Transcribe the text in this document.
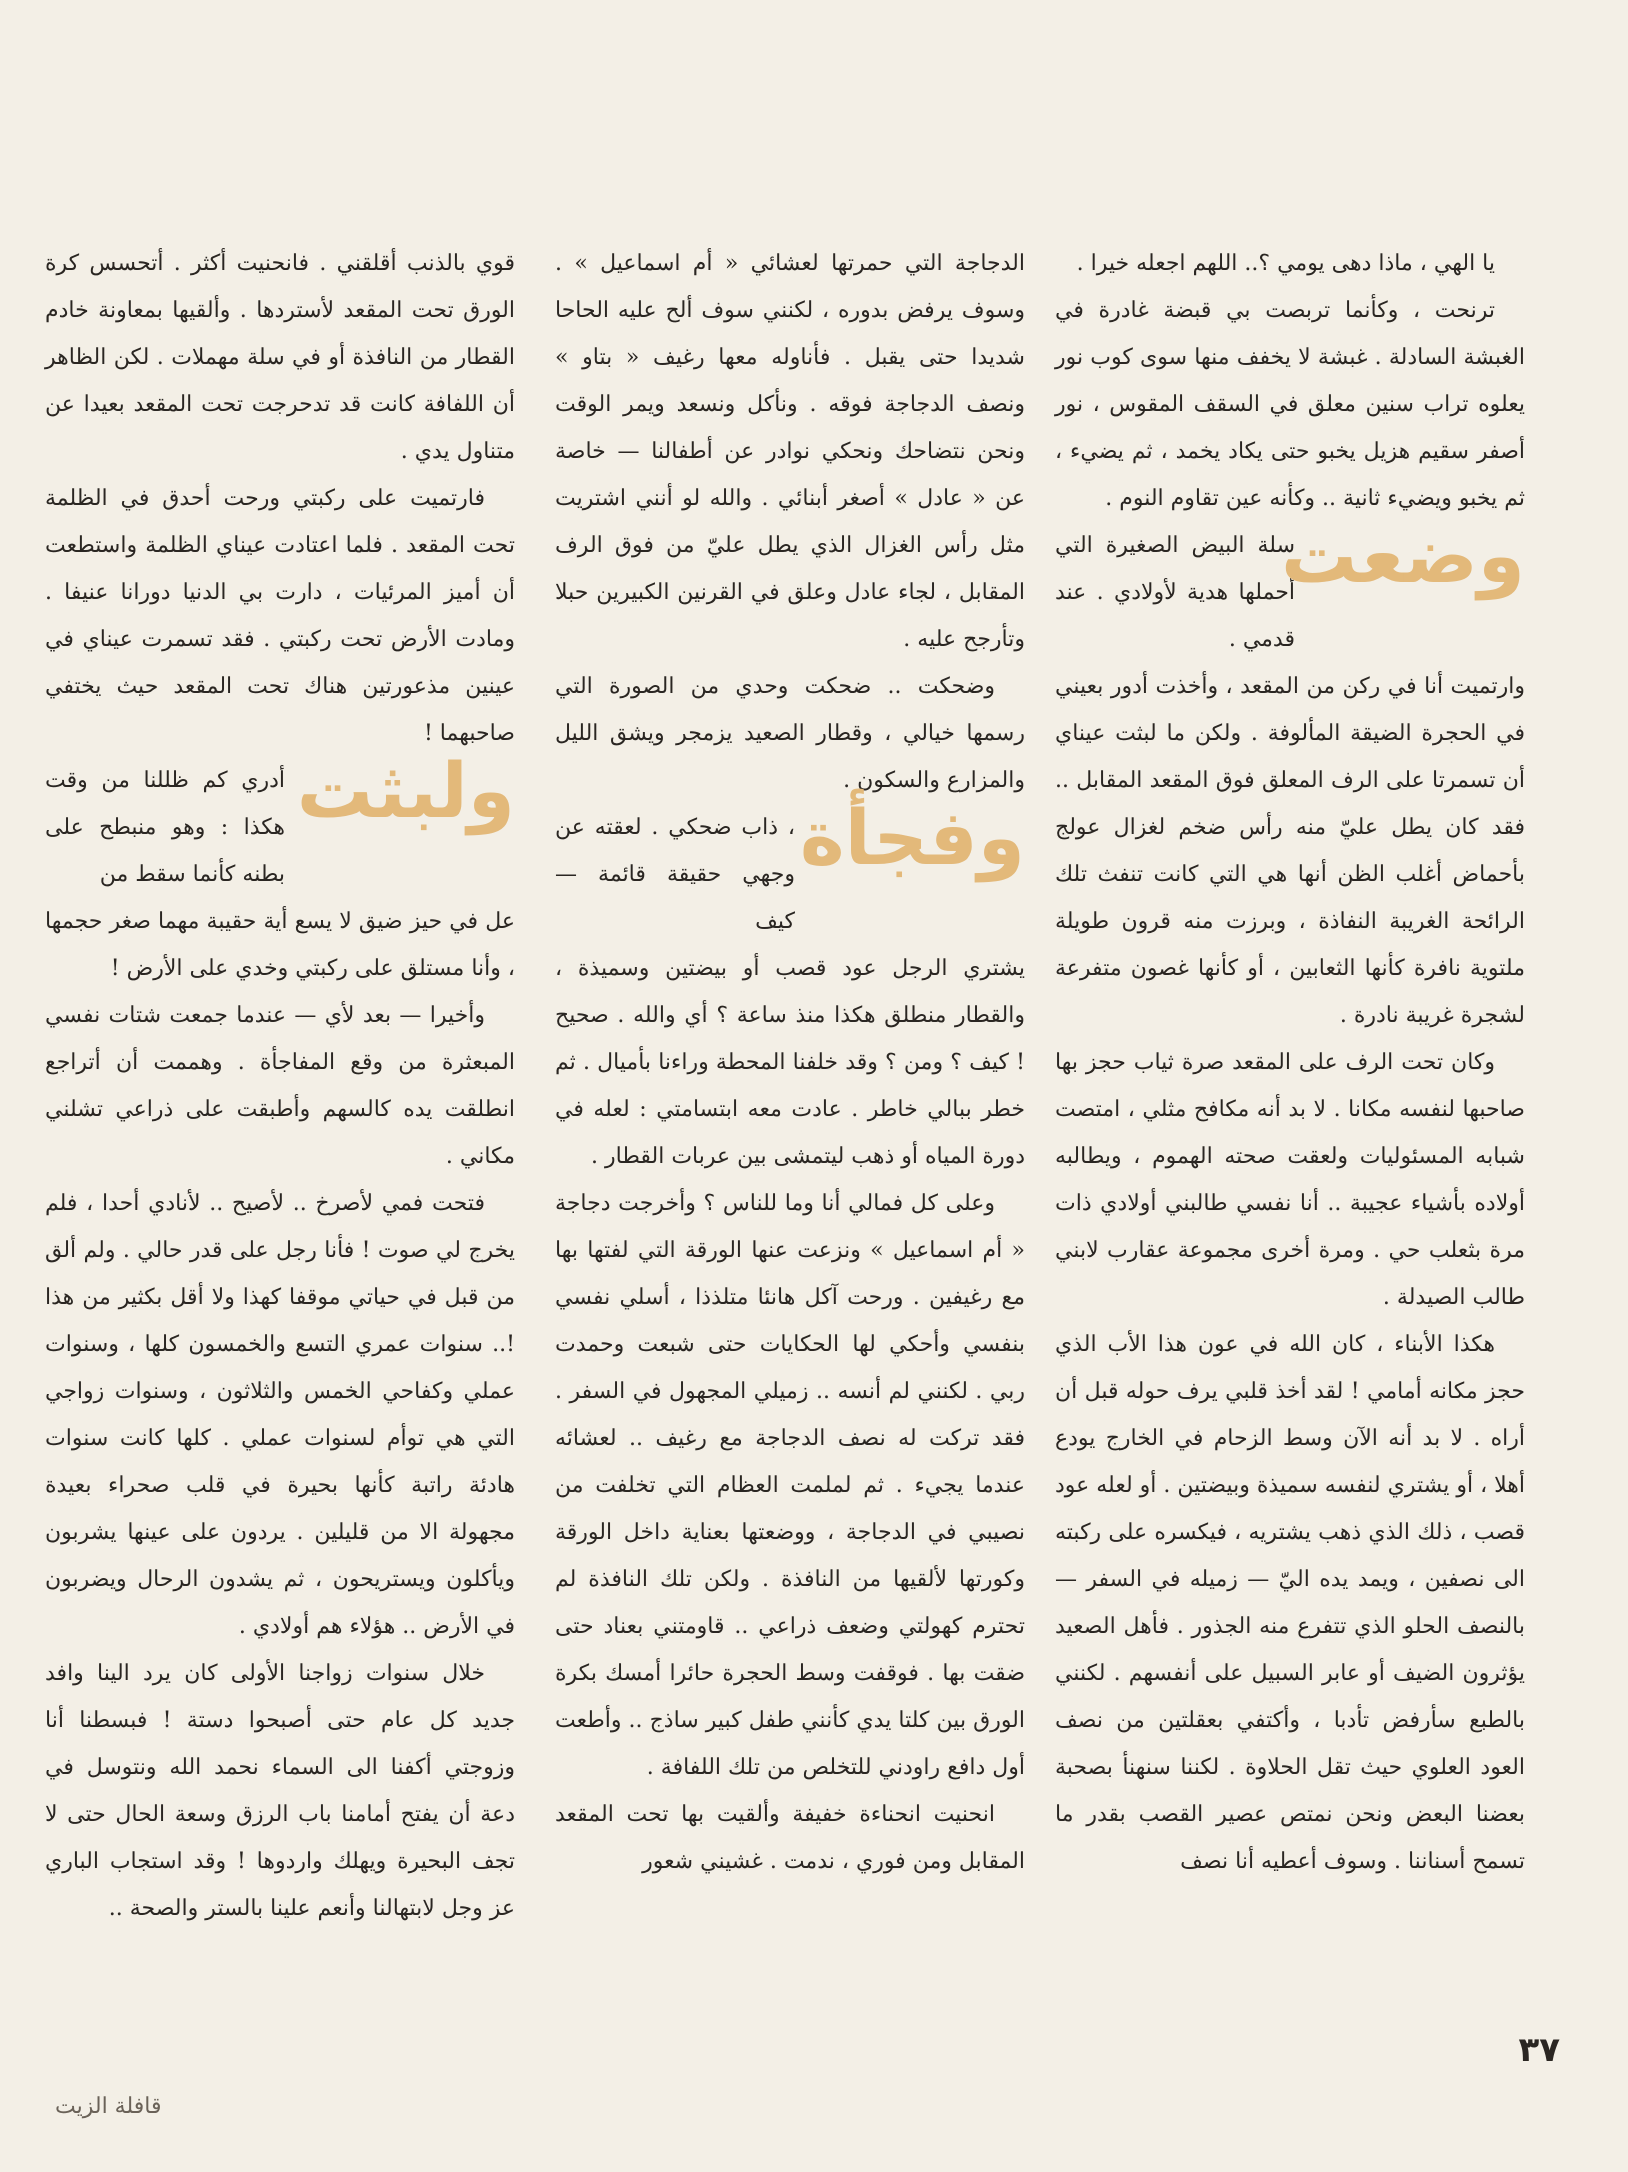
يا الهي ، ماذا دهى يومي ؟.. اللهم اجعله خيرا .

ترنحت ، وكأنما تربصت بي قبضة غادرة في الغبشة السادلة . غبشة لا يخفف منها سوى كوب نور يعلوه تراب سنين معلق في السقف المقوس ، نور أصفر سقيم هزيل يخبو حتى يكاد يخمد ، ثم يضيء ، ثم يخبو ويضيء ثانية .. وكأنه عين تقاوم النوم .

وضعت

سلة البيض الصغيرة التي أحملها هدية لأولادي . عند قدمي .

وارتميت أنا في ركن من المقعد ، وأخذت أدور بعيني في الحجرة الضيقة المألوفة . ولكن ما لبثت عيناي أن تسمرتا على الرف المعلق فوق المقعد المقابل .. فقد كان يطل عليّ منه رأس ضخم لغزال عولج بأحماض أغلب الظن أنها هي التي كانت تنفث تلك الرائحة الغريبة النفاذة ، وبرزت منه قرون طويلة ملتوية نافرة كأنها الثعابين ، أو كأنها غصون متفرعة لشجرة غريبة نادرة .

وكان تحت الرف على المقعد صرة ثياب حجز بها صاحبها لنفسه مكانا . لا بد أنه مكافح مثلي ، امتصت شبابه المسئوليات ولعقت صحته الهموم ، ويطالبه أولاده بأشياء عجيبة .. أنا نفسي طالبني أولادي ذات مرة بثعلب حي . ومرة أخرى مجموعة عقارب لابني طالب الصيدلة .

هكذا الأبناء ، كان الله في عون هذا الأب الذي حجز مكانه أمامي ! لقد أخذ قلبي يرف حوله قبل أن أراه . لا بد أنه الآن وسط الزحام في الخارج يودع أهلا ، أو يشتري لنفسه سميذة وبيضتين . أو لعله عود قصب ، ذلك الذي ذهب يشتريه ، فيكسره على ركبته الى نصفين ، ويمد يده اليّ — زميله في السفر — بالنصف الحلو الذي تتفرع منه الجذور . فأهل الصعيد يؤثرون الضيف أو عابر السبيل على أنفسهم . لكنني بالطبع سأرفض تأدبا ، وأكتفي بعقلتين من نصف العود العلوي حيث تقل الحلاوة . لكننا سنهنأ بصحبة بعضنا البعض ونحن نمتص عصير القصب بقدر ما تسمح أسناننا . وسوف أعطيه أنا نصف

الدجاجة التي حمرتها لعشائي « أم اسماعيل » . وسوف يرفض بدوره ، لكنني سوف ألح عليه الحاحا شديدا حتى يقبل . فأناوله معها رغيف « بتاو » ونصف الدجاجة فوقه . ونأكل ونسعد ويمر الوقت ونحن نتضاحك ونحكي نوادر عن أطفالنا — خاصة عن « عادل » أصغر أبنائي . والله لو أنني اشتريت مثل رأس الغزال الذي يطل عليّ من فوق الرف المقابل ، لجاء عادل وعلق في القرنين الكبيرين حبلا وتأرجح عليه .

وضحكت .. ضحكت وحدي من الصورة التي رسمها خيالي ، وقطار الصعيد يزمجر ويشق الليل والمزارع والسكون .

وفجأة

، ذاب ضحكي . لعقته عن وجهي حقيقة قائمة — كيف

يشتري الرجل عود قصب أو بيضتين وسميذة ، والقطار منطلق هكذا منذ ساعة ؟ أي والله . صحيح ! كيف ؟ ومن ؟ وقد خلفنا المحطة وراءنا بأميال . ثم خطر ببالي خاطر . عادت معه ابتسامتي : لعله في دورة المياه أو ذهب ليتمشى بين عربات القطار .

وعلى كل فمالي أنا وما للناس ؟ وأخرجت دجاجة « أم اسماعيل » ونزعت عنها الورقة التي لفتها بها مع رغيفين . ورحت آكل هانئا متلذذا ، أسلي نفسي بنفسي وأحكي لها الحكايات حتى شبعت وحمدت ربي . لكنني لم أنسه .. زميلي المجهول في السفر . فقد تركت له نصف الدجاجة مع رغيف .. لعشائه عندما يجيء . ثم لملمت العظام التي تخلفت من نصيبي في الدجاجة ، ووضعتها بعناية داخل الورقة وكورتها لألقيها من النافذة . ولكن تلك النافذة لم تحترم كهولتي وضعف ذراعي .. قاومتني بعناد حتى ضقت بها . فوقفت وسط الحجرة حائرا أمسك بكرة الورق بين كلتا يدي كأنني طفل كبير ساذج .. وأطعت أول دافع راودني للتخلص من تلك اللفافة .

انحنيت انحناءة خفيفة وألقيت بها تحت المقعد المقابل ومن فوري ، ندمت . غشيني شعور

قوي بالذنب أقلقني . فانحنيت أكثر . أتحسس كرة الورق تحت المقعد لأستردها . وألقيها بمعاونة خادم القطار من النافذة أو في سلة مهملات . لكن الظاهر أن اللفافة كانت قد تدحرجت تحت المقعد بعيدا عن متناول يدي .

فارتميت على ركبتي ورحت أحدق في الظلمة تحت المقعد . فلما اعتادت عيناي الظلمة واستطعت أن أميز المرئيات ، دارت بي الدنيا دورانا عنيفا . ومادت الأرض تحت ركبتي . فقد تسمرت عيناي في عينين مذعورتين هناك تحت المقعد حيث يختفي صاحبهما !

ولبثت

أدري كم ظللنا من وقت هكذا : وهو منبطح على بطنه كأنما سقط من

عل في حيز ضيق لا يسع أية حقيبة مهما صغر حجمها ، وأنا مستلق على ركبتي وخدي على الأرض !

وأخيرا — بعد لأي — عندما جمعت شتات نفسي المبعثرة من وقع المفاجأة . وهممت أن أتراجع انطلقت يده كالسهم وأطبقت على ذراعي تشلني مكاني .

فتحت فمي لأصرخ .. لأصيح .. لأنادي أحدا ، فلم يخرج لي صوت ! فأنا رجل على قدر حالي . ولم ألق من قبل في حياتي موقفا كهذا ولا أقل بكثير من هذا !.. سنوات عمري التسع والخمسون كلها ، وسنوات عملي وكفاحي الخمس والثلاثون ، وسنوات زواجي التي هي توأم لسنوات عملي . كلها كانت سنوات هادئة راتبة كأنها بحيرة في قلب صحراء بعيدة مجهولة الا من قليلين . يردون على عينها يشربون ويأكلون ويستريحون ، ثم يشدون الرحال ويضربون في الأرض .. هؤلاء هم أولادي .

خلال سنوات زواجنا الأولى كان يرد الينا وافد جديد كل عام حتى أصبحوا دستة ! فبسطنا أنا وزوجتي أكفنا الى السماء نحمد الله ونتوسل في دعة أن يفتح أمامنا باب الرزق وسعة الحال حتى لا تجف البحيرة ويهلك واردوها ! وقد استجاب الباري عز وجل لابتهالنا وأنعم علينا بالستر والصحة ..

٣٧
قافلة الزيت
